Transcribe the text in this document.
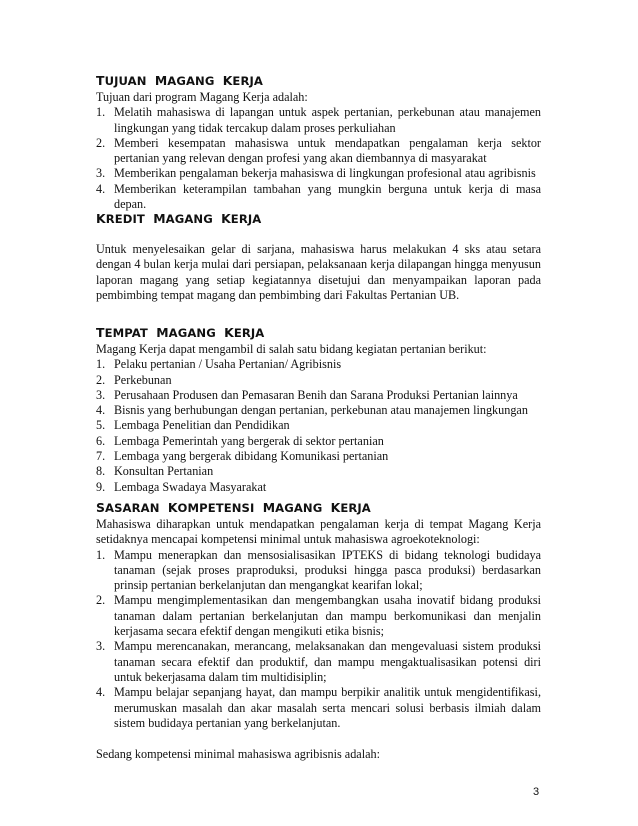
TUJUAN MAGANG KERJA

Tujuan dari program Magang Kerja adalah:

1. Melatih mahasiswa di lapangan untuk aspek pertanian, perkebunan atau manajemen lingkungan yang tidak tercakup dalam proses perkuliahan
2. Memberi kesempatan mahasiswa untuk mendapatkan pengalaman kerja sektor pertanian yang relevan dengan profesi yang akan diembannya di masyarakat
3. Memberikan pengalaman bekerja mahasiswa di lingkungan profesional atau agribisnis
4. Memberikan keterampilan tambahan yang mungkin berguna untuk kerja di masa depan.
KREDIT MAGANG KERJA

Untuk menyelesaikan gelar di sarjana, mahasiswa harus melakukan 4 sks atau setara dengan 4 bulan kerja mulai dari persiapan, pelaksanaan kerja dilapangan hingga menyusun laporan magang yang setiap kegiatannya disetujui dan menyampaikan laporan pada pembimbing tempat magang dan pembimbing dari Fakultas Pertanian UB.

TEMPAT MAGANG KERJA

Magang Kerja dapat mengambil di salah satu bidang kegiatan pertanian berikut:

1. Pelaku pertanian / Usaha Pertanian/ Agribisnis
2. Perkebunan
3. Perusahaan Produsen dan Pemasaran Benih dan Sarana Produksi Pertanian lainnya
4. Bisnis yang berhubungan dengan pertanian, perkebunan atau manajemen lingkungan
5. Lembaga Penelitian dan Pendidikan
6. Lembaga Pemerintah yang bergerak di sektor pertanian
7. Lembaga yang bergerak dibidang Komunikasi pertanian
8. Konsultan Pertanian
9. Lembaga Swadaya Masyarakat
SASARAN KOMPETENSI MAGANG KERJA

Mahasiswa diharapkan untuk mendapatkan pengalaman kerja di tempat Magang Kerja setidaknya mencapai kompetensi minimal untuk mahasiswa agroekoteknologi:

1. Mampu menerapkan dan mensosialisasikan IPTEKS di bidang teknologi budidaya tanaman (sejak proses praproduksi, produksi hingga pasca produksi) berdasarkan prinsip pertanian berkelanjutan dan mengangkat kearifan lokal;
2. Mampu mengimplementasikan dan mengembangkan usaha inovatif bidang produksi tanaman dalam pertanian berkelanjutan dan mampu berkomunikasi dan menjalin kerjasama secara efektif dengan mengikuti etika bisnis;
3. Mampu merencanakan, merancang, melaksanakan dan mengevaluasi sistem produksi tanaman secara efektif dan produktif, dan mampu mengaktualisasikan potensi diri untuk bekerjasama dalam tim multidisiplin;
4. Mampu belajar sepanjang hayat, dan mampu berpikir analitik untuk mengidentifikasi, merumuskan masalah dan akar masalah serta mencari solusi berbasis ilmiah dalam sistem budidaya pertanian yang berkelanjutan.

Sedang kompetensi minimal mahasiswa agribisnis adalah:

3
